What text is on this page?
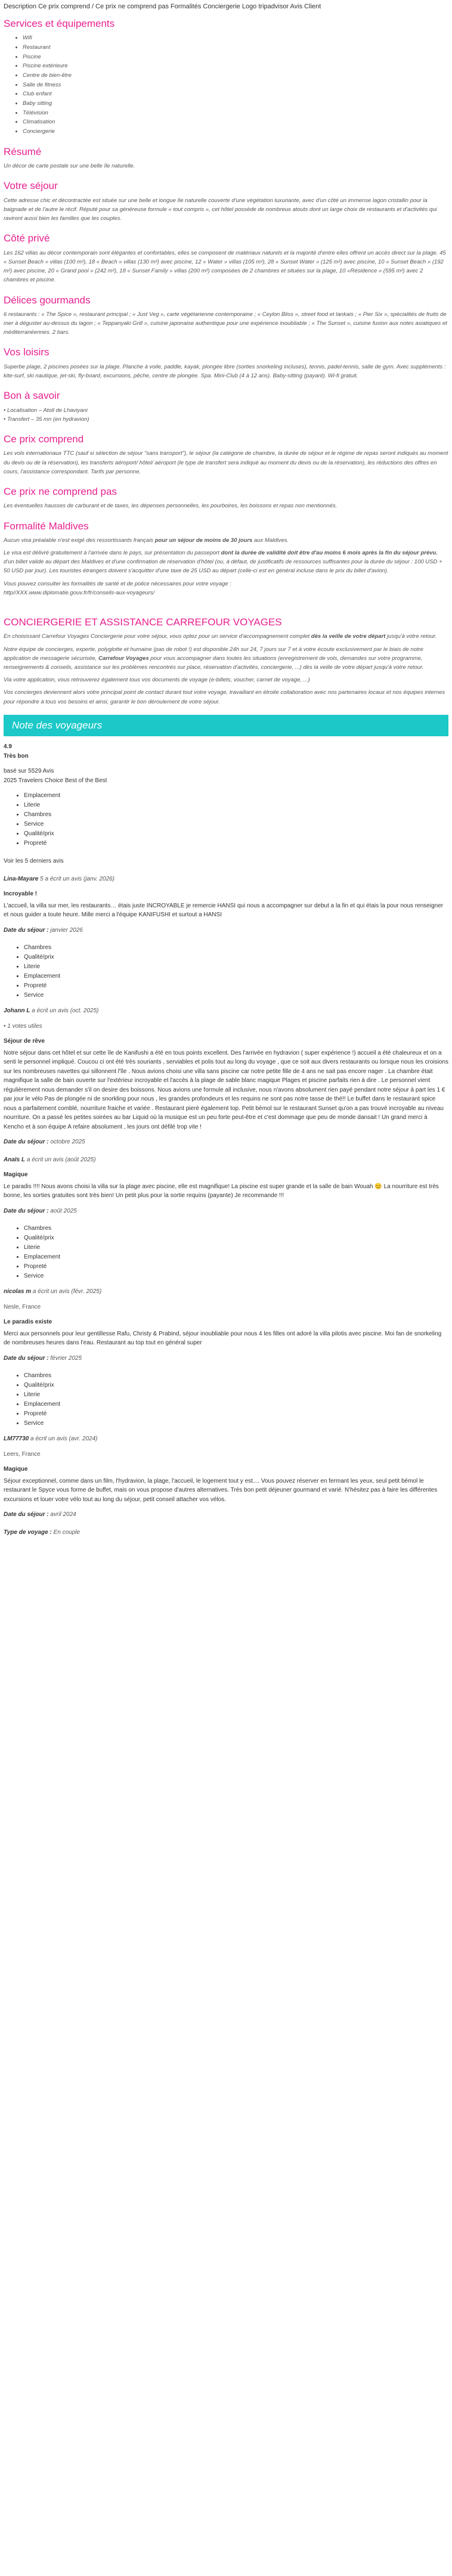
Description Ce prix comprend / Ce prix ne comprend pas Formalités Conciergerie Logo tripadvisor Avis Client

Services et équipements
• Wifi
• Restaurant
• Piscine
• Piscine extérieure
• Centre de bien-être
• Salle de fitness
• Club enfant
• Baby sitting
• Télévision
• Climatisation
• Conciergerie
Résumé

Un décor de carte postale sur une belle île naturelle.

Votre séjour

Cette adresse chic et décontractée est située sur une belle et longue île naturelle couverte d'une végétation luxuriante, avec d'un côté un immense lagon cristallin pour la baignade et de l'autre le récif. Réputé pour sa généreuse formule « tout compris », cet hôtel possède de nombreux atouts dont un large choix de restaurants et d'activités qui raviront aussi bien les familles que les couples.

Côté privé

Les 162 villas au décor contemporain sont élégantes et confortables, elles se composent de matériaux naturels et la majorité d'entre elles offrent un accès direct sur la plage. 45 « Sunset Beach » villas (100 m²), 18 « Beach » villas (130 m²) avec piscine, 12 « Water » villas (105 m²), 28 « Sunset Water » (125 m²) avec piscine, 10 « Sunset Beach » (192 m²) avec piscine, 20 « Grand pool » (242 m²), 18 « Sunset Family » villas (200 m²) composées de 2 chambres et situées sur la plage, 10 «Résidence » (595 m²) avec 2 chambres et piscine.

Délices gourmands

6 restaurants : « The Spice », restaurant principal ; « Just Veg », carte végétarienne contemporaine ; « Ceylon Bliss », street food et lankais ; « Pier Six », spécialités de fruits de mer à déguster au-dessus du lagon ; « Teppanyaki Grill », cuisine japonaise authentique pour une expérience inoubliable ; « The Sunset », cuisine fusion aux notes asiatiques et méditerranéennes. 2 bars.

Vos loisirs

Superbe plage, 2 piscines posées sur la plage. Planche à voile, paddle, kayak, plongée libre (sorties snorkeling incluses), tennis, padel-tennis, salle de gym. Avec suppléments : kite-surf, ski nautique, jet-ski, fly-board, excursions, pêche, centre de plongée. Spa. Mini-Club (4 à 12 ans). Baby-sitting (payant). Wi-fi gratuit.

Bon à savoir

• Localisation – Atoll de Lhaviyani

• Transfert – 35 mn (en hydravion)

Ce prix comprend

Les vols internationaux TTC (sauf si sélection de séjour "sans transport"), le séjour (la catégorie de chambre, la durée de séjour et le régime de repas seront indiqués au moment du devis ou de la réservation), les transferts aéroport/ hôtel/ aéroport (le type de transfert sera indiqué au moment du devis ou de la réservation), les réductions des offres en cours, l'assistance correspondant. Tarifs par personne.

Ce prix ne comprend pas

Les éventuelles hausses de carburant et de taxes, les dépenses personnelles, les pourboires, les boissons et repas non mentionnés.

Formalité Maldives

Aucun visa préalable n'est exigé des ressortissants français pour un séjour de moins de 30 jours aux Maldives.

Le visa est délivré gratuitement à l'arrivée dans le pays, sur présentation du passeport dont la durée de validité doit être d'au moins 6 mois après la fin du séjour prévu, d'un billet valide au départ des Maldives et d'une confirmation de réservation d'hôtel (ou, à défaut, de justificatifs de ressources suffisantes pour la durée du séjour : 100 USD + 50 USD par jour). Les touristes étrangers doivent s'acquitter d'une taxe de 25 USD au départ (celle-ci est en général incluse dans le prix du billet d'avion).

Vous pouvez consulter les formalités de santé et de police nécessaires pour votre voyage :
http//XXX.www.diplomatie.gouv.fr/fr/conseils-aux-voyageurs/

CONCIERGERIE ET ASSISTANCE CARREFOUR VOYAGES

En choisissant Carrefour Voyages Conciergerie pour votre séjour, vous optez pour un service d'accompagnement complet dès la veille de votre départ jusqu'à votre retour.

Notre équipe de concierges, experte, polyglotte et humaine (pas de robot !) est disponible 24h sur 24, 7 jours sur 7 et à votre écoute exclusivement par le biais de notre application de messagerie sécurisée, Carrefour Voyages pour vous accompagner dans toutes les situations (enregistrement de vols, demandes sur votre programme, renseignements & conseils, assistance sur les problèmes rencontrés sur place, réservation d'activités, conciergerie, ...) dès la veille de votre départ jusqu'à votre retour.

Via votre application, vous retrouverez également tous vos documents de voyage (e-billets, voucher, carnet de voyage, ...)

Vos concierges deviennent alors votre principal point de contact durant tout votre voyage, travaillant en étroite collaboration avec nos partenaires locaux et nos équipes internes pour répondre à tous vos besoins et ainsi, garantir le bon déroulement de votre séjour.

Note des voyageurs

4.9

Très bon

basé sur 5529 Avis

2025 Travelers Choice Best of the Best

• Emplacement
• Literie
• Chambres
• Service
• Qualité/prix
• Propreté

Voir les 5 derniers avis

Lina-Mayare 5 a écrit un avis (janv. 2026)

Incroyable !

L'accueil, la villa sur mer, les restaurants… étais juste INCROYABLE je remercie HANSI qui nous a accompagner sur debut a la fin et qui étais la pour nous renseigner et nous guider a toute heure. Mille merci a l'équipe KANIFUSHI et surtout a HANSI

Date du séjour : janvier 2026

• Chambres
• Qualité/prix
• Literie
• Emplacement
• Propreté
• Service

Johann L a écrit un avis (oct. 2025)

• 1 votes utiles

Séjour de rêve

Notre séjour dans cet hôtel et sur cette île de Kanifushi a été en tous points excellent. Des l'arrivée en hydravion ( super expérience !) accueil a été chaleureux et on a senti le personnel impliqué. Coucou ci ont été très souriants , serviables et polis tout au long du voyage , que ce soit aux divers restaurants ou lorsque nous les croisions sur les nombreuses navettes qui sillonnent l'île . Nous avions choisi une villa sans piscine car notre petite fille de 4 ans ne sait pas encore nager . La chambre était magnifique la salle de bain ouverte sur l'extérieur incroyable et l'accès à la plage de sable blanc magique Plages et piscine parfaits rien à dire . Le personnel vient régulièrement nous demander s'il on desire des boissons. Nous avions une formule all inclusive, nous n'avons absolument rien payé pendant notre séjour à part les 1 € par jour le vélo Pas de plongée ni de snorkling pour nous , les grandes profondeurs et les requins ne sont pas notre tasse de thé!! Le buffet dans le restaurant spice nous a parfaitement comblé, nourriture fraiche et variée . Restaurant pieré également top. Petit bémol sur le restaurant Sunset qu'on a pas trouvé incroyable au niveau nourriture. On a passé les petites soirées au bar Liquid où la musique est un peu forte peut-être et c'est dommage que peu de monde dansait ! Un grand merci à Kencho et à son équipe A refaire absolument , les jours ont défilé trop vite !

Date du séjour : octobre 2025

Anaïs L a écrit un avis (août 2025)

Magique

Le paradis !!!! Nous avons choisi la villa sur la plage avec piscine, elle est magnifique! La piscine est super grande et la salle de bain Wouah 😊 La nourriture est très bonne, les sorties gratuites sont très bien! Un petit plus pour la sortie requins (payante) Je recommande !!!

Date du séjour : août 2025

• Chambres
• Qualité/prix
• Literie
• Emplacement
• Propreté
• Service

nicolas m a écrit un avis (févr. 2025)

Nesle, France

Le paradis existe

Merci aux personnels pour leur gentillesse Rafu, Christy & Prabind, séjour inoubliable pour nous 4 les filles ont adoré la villa pilotis avec piscine. Moi fan de snorkeling de nombreuses heures dans l'eau. Restaurant au top tout en général super

Date du séjour : février 2025

• Chambres
• Qualité/prix
• Literie
• Emplacement
• Propreté
• Service

LM77730 a écrit un avis (avr. 2024)

Leers, France

Magique

Séjour exceptionnel, comme dans un film, l'hydravion, la plage, l'accueil, le logement tout y est.... Vous pouvez réserver en fermant les yeux, seul petit bémol le restaurant le Spyce vous forme de buffet, mais on vous propose d'autres alternatives. Très bon petit déjeuner gourmand et varié. N'hésitez pas à faire les différentes excursions et louer votre vélo tout au long du séjour, petit conseil attacher vos vélos.

Date du séjour : avril 2024

Type de voyage : En couple
